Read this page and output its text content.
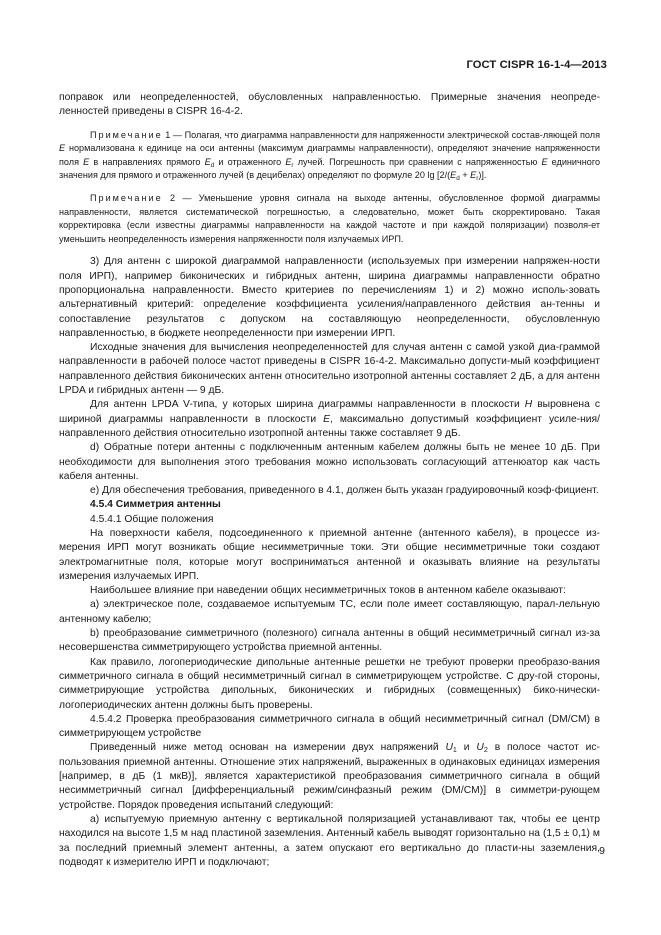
ГОСТ CISPR 16-1-4—2013

поправок или неопределенностей, обусловленных направленностью. Примерные значения неопреде-ленностей приведены в CISPR 16-4-2.

Примечание 1 — Полагая, что диаграмма направленности для напряженности электрической состав-ляющей поля E нормализована к единице на оси антенны (максимум диаграммы направленности), определяют значение напряженности поля E в направлениях прямого $E_d$ и отраженного $E_r$ лучей. Погрешность при сравнении с напряженностью E единичного значения для прямого и отраженного лучей (в децибелах) определяют по формуле 20 $\lg [2/(E_d + E_r)]$.

Примечание 2 — Уменьшение уровня сигнала на выходе антенны, обусловленное формой диаграммы направленности, является систематической погрешностью, а следовательно, может быть скорректировано. Такая корректировка (если известны диаграммы направленности на каждой частоте и при каждой поляризации) позволя-ет уменьшить неопределенность измерения напряженности поля излучаемых ИРП.

3) Для антенн с широкой диаграммой направленности (используемых при измерении напряжен-ности поля ИРП), например биконических и гибридных антенн, ширина диаграммы направленности обратно пропорциональна направленности. Вместо критериев по перечислениям 1) и 2) можно исполь-зовать альтернативный критерий: определение коэффициента усиления/направленного действия ан-тенны и сопоставление результатов с допуском на составляющую неопределенности, обусловленную направленностью, в бюджете неопределенности при измерении ИРП.

Исходные значения для вычисления неопределенностей для случая антенн с самой узкой диа-граммой направленности в рабочей полосе частот приведены в CISPR 16-4-2. Максимально допусти-мый коэффициент направленного действия биконических антенн относительно изотропной антенны составляет 2 дБ, а для антенн LPDA и гибридных антенн — 9 дБ.

Для антенн LPDA V-типа, у которых ширина диаграммы направленности в плоскости H выровнена с шириной диаграммы направленности в плоскости E, максимально допустимый коэффициент усиле-ния/направленного действия относительно изотропной антенны также составляет 9 дБ.

d) Обратные потери антенны с подключенным антенным кабелем должны быть не менее 10 дБ. При необходимости для выполнения этого требования можно использовать согласующий аттенюатор как часть кабеля антенны.

e) Для обеспечения требования, приведенного в 4.1, должен быть указан градуировочный коэф-фициент.

4.5.4 Симметрия антенны

4.5.4.1 Общие положения

На поверхности кабеля, подсоединенного к приемной антенне (антенного кабеля), в процессе из-мерения ИРП могут возникать общие несимметричные токи. Эти общие несимметричные токи создают электромагнитные поля, которые могут восприниматься антенной и оказывать влияние на результаты измерения излучаемых ИРП.

Наибольшее влияние при наведении общих несимметричных токов в антенном кабеле оказывают:

a) электрическое поле, создаваемое испытуемым ТС, если поле имеет составляющую, парал-лельную антенному кабелю;

b) преобразование симметричного (полезного) сигнала антенны в общий несимметричный сигнал из-за несовершенства симметрирующего устройства приемной антенны.

Как правило, логопериодические дипольные антенные решетки не требуют проверки преобразо-вания симметричного сигнала в общий несимметричный сигнал в симметрирующем устройстве. С дру-гой стороны, симметрирующие устройства дипольных, биконических и гибридных (совмещенных) бико-нически-логопериодических антенн должны быть проверены.

4.5.4.2 Проверка преобразования симметричного сигнала в общий несимметричный сигнал (DM/CM) в симметрирующем устройстве

Приведенный ниже метод основан на измерении двух напряжений $U_1$ и $U_2$ в полосе частот ис-пользования приемной антенны. Отношение этих напряжений, выраженных в одинаковых единицах измерения [например, в дБ (1 мкВ)], является характеристикой преобразования симметричного сигнала в общий несимметричный сигнал [дифференциальный режим/синфазный режим (DM/CM)] в симметри-рующем устройстве. Порядок проведения испытаний следующий:

a) испытуемую приемную антенну с вертикальной поляризацией устанавливают так, чтобы ее центр находился на высоте 1,5 м над пластиной заземления. Антенный кабель выводят горизонтально на (1,5 ± 0,1) м за последний приемный элемент антенны, а затем опускают его вертикально до пласти-ны заземления, подводят к измерителю ИРП и подключают;

9
